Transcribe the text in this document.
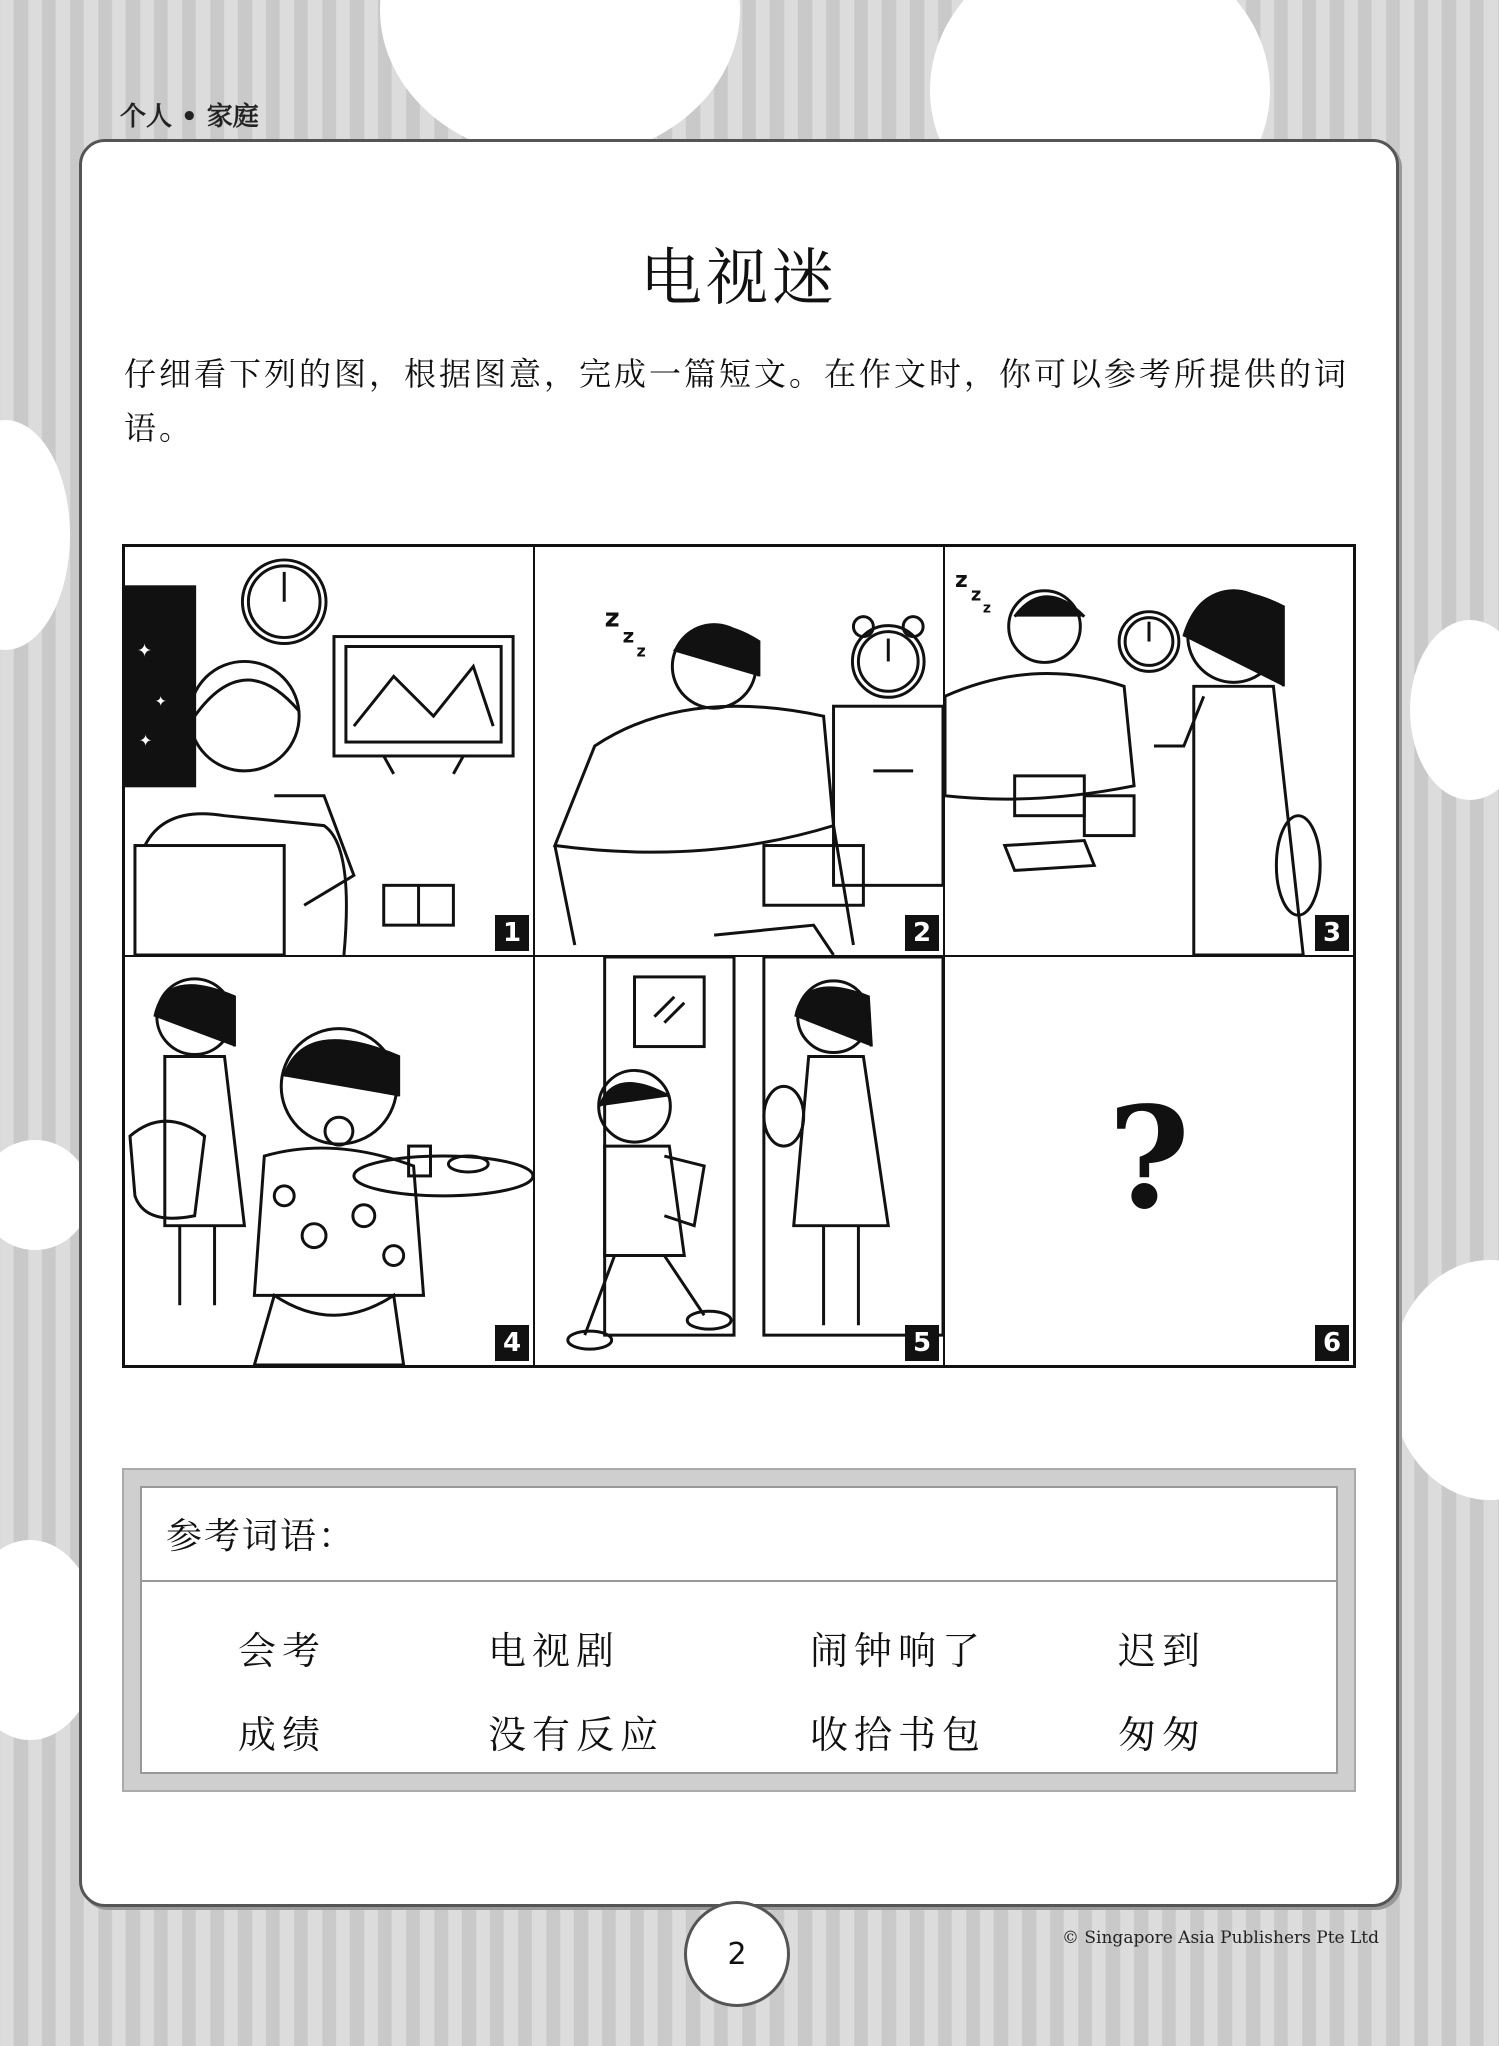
个人 • 家庭
电视迷
仔细看下列的图，根据图意，完成一篇短文。在作文时，你可以参考所提供的词语。
✦
✦
✦
1
z
z
z
2
z
z
z
3
4	5
?
6
参考词语：
会考	电视剧	闹钟响了	迟到
成绩	没有反应	收拾书包	匆匆
2	© Singapore Asia Publishers Pte Ltd
